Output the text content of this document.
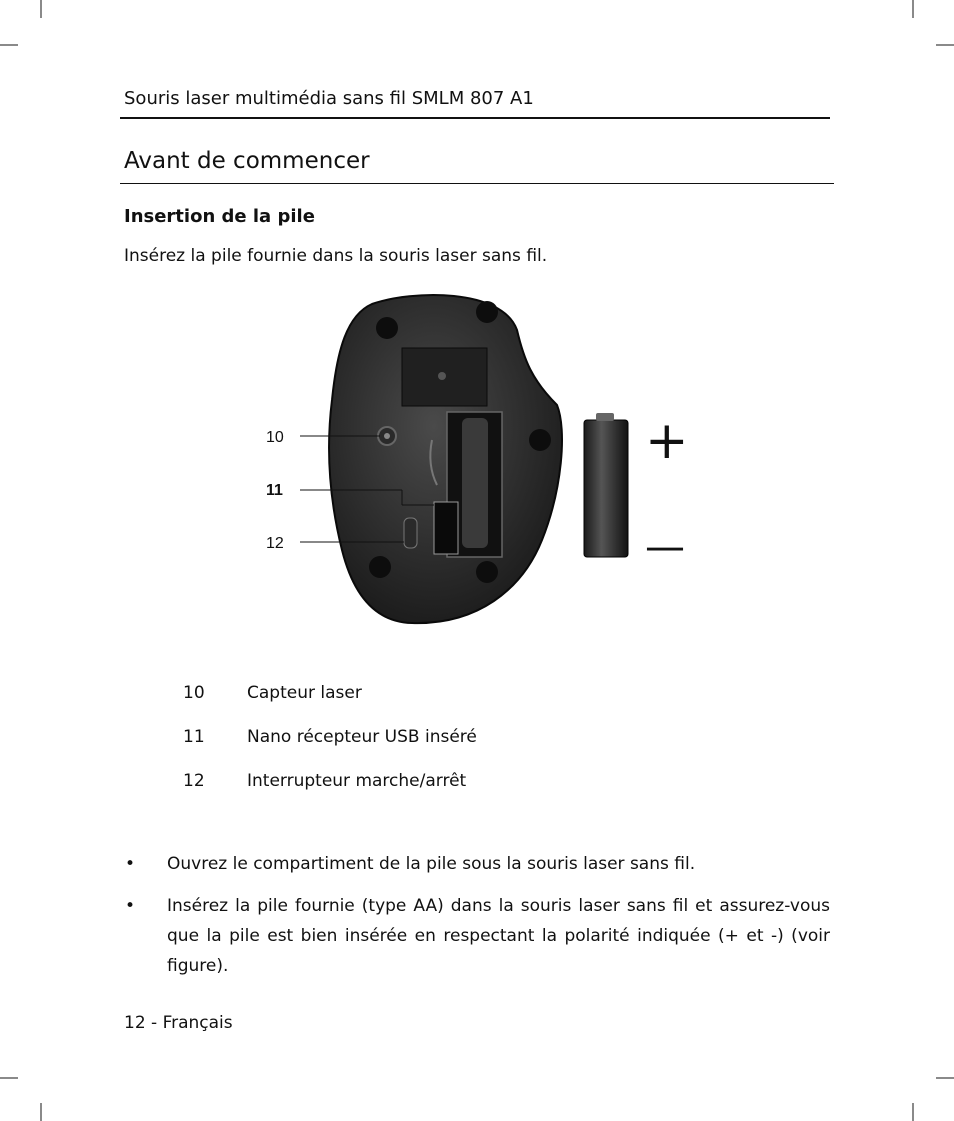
Souris laser multimédia sans fil SMLM 807 A1
Avant de commencer
Insertion de la pile
Insérez la pile fournie dans la souris laser sans fil.
10
11
12
+
—
10 Capteur laser
11 Nano récepteur USB inséré
12 Interrupteur marche/arrêt
• Ouvrez le compartiment de la pile sous la souris laser sans fil.
• Insérez la pile fournie (type AA) dans la souris laser sans fil et assurez-vous que la pile est bien insérée en respectant la polarité indiquée (+ et -) (voir figure).
12 - Français
